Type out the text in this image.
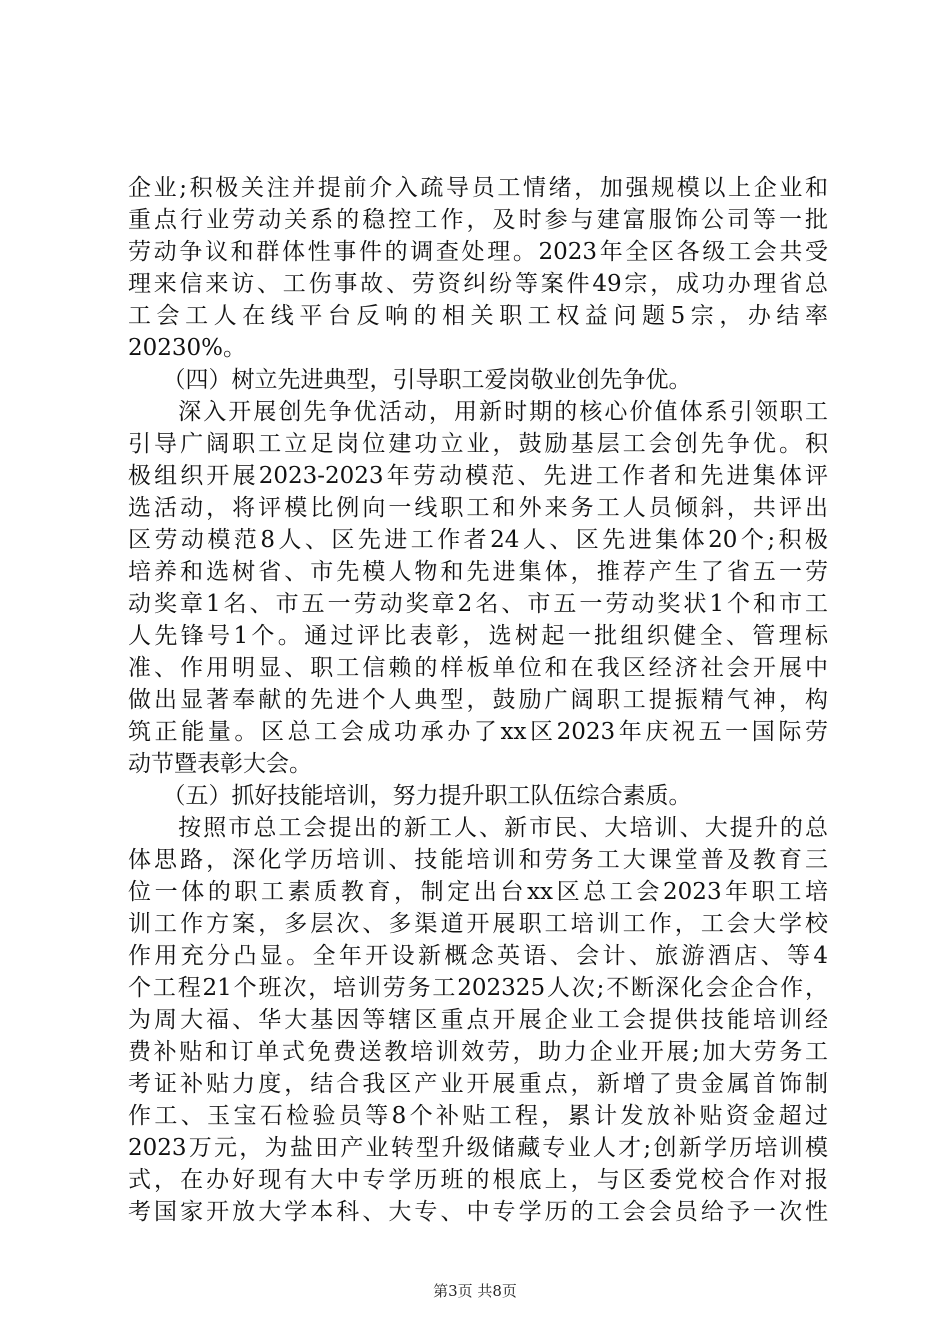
企业;积极关注并提前介入疏导员工情绪，加强规模以上企业和
重点行业劳动关系的稳控工作，及时参与建富服饰公司等一批
劳动争议和群体性事件的调查处理。2023年全区各级工会共受
理来信来访、工伤事故、劳资纠纷等案件49宗，成功办理省总
工会工人在线平台反响的相关职工权益问题5宗，办结率
20230%。
　　（四）树立先进典型，引导职工爱岗敬业创先争优。
　　深入开展创先争优活动，用新时期的核心价值体系引领职工
引导广阔职工立足岗位建功立业，鼓励基层工会创先争优。积
极组织开展2023-2023年劳动模范、先进工作者和先进集体评
选活动，将评模比例向一线职工和外来务工人员倾斜，共评出
区劳动模范8人、区先进工作者24人、区先进集体20个;积极
培养和选树省、市先模人物和先进集体，推荐产生了省五一劳
动奖章1名、市五一劳动奖章2名、市五一劳动奖状1个和市工
人先锋号1个。通过评比表彰，选树起一批组织健全、管理标
准、作用明显、职工信赖的样板单位和在我区经济社会开展中
做出显著奉献的先进个人典型，鼓励广阔职工提振精气神，构
筑正能量。区总工会成功承办了xx区2023年庆祝五一国际劳
动节暨表彰大会。
　　（五）抓好技能培训，努力提升职工队伍综合素质。
　　按照市总工会提出的新工人、新市民、大培训、大提升的总
体思路，深化学历培训、技能培训和劳务工大课堂普及教育三
位一体的职工素质教育，制定出台xx区总工会2023年职工培
训工作方案，多层次、多渠道开展职工培训工作，工会大学校
作用充分凸显。全年开设新概念英语、会计、旅游酒店、等4
个工程21个班次，培训劳务工202325人次;不断深化会企合作，
为周大福、华大基因等辖区重点开展企业工会提供技能培训经
费补贴和订单式免费送教培训效劳，助力企业开展;加大劳务工
考证补贴力度，结合我区产业开展重点，新增了贵金属首饰制
作工、玉宝石检验员等8个补贴工程，累计发放补贴资金超过
2023万元，为盐田产业转型升级储藏专业人才;创新学历培训模
式，在办好现有大中专学历班的根底上，与区委党校合作对报
考国家开放大学本科、大专、中专学历的工会会员给予一次性
第3页 共8页
